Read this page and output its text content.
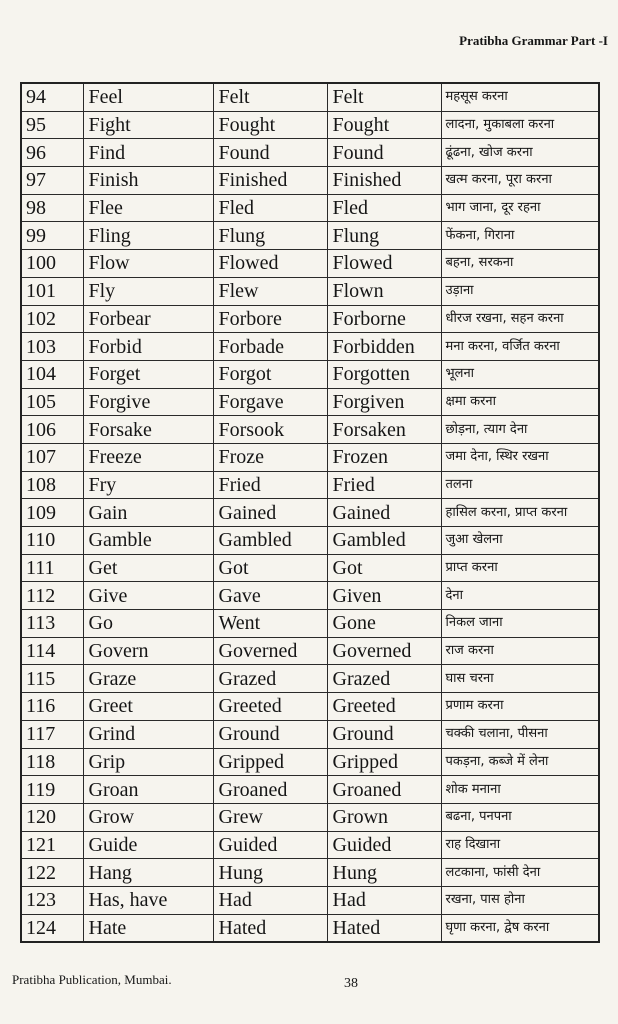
Pratibha Grammar Part -I
94	Feel	Felt	Felt	महसूस करना
95	Fight	Fought	Fought	लादना, मुकाबला करना
96	Find	Found	Found	ढूंढना, खोज करना
97	Finish	Finished	Finished	खत्म करना, पूरा करना
98	Flee	Fled	Fled	भाग जाना, दूर रहना
99	Fling	Flung	Flung	फेंकना, गिराना
100	Flow	Flowed	Flowed	बहना, सरकना
101	Fly	Flew	Flown	उड़ाना
102	Forbear	Forbore	Forborne	धीरज रखना, सहन करना
103	Forbid	Forbade	Forbidden	मना करना, वर्जित करना
104	Forget	Forgot	Forgotten	भूलना
105	Forgive	Forgave	Forgiven	क्षमा करना
106	Forsake	Forsook	Forsaken	छोड़ना, त्याग देना
107	Freeze	Froze	Frozen	जमा देना, स्थिर रखना
108	Fry	Fried	Fried	तलना
109	Gain	Gained	Gained	हासिल करना, प्राप्त करना
110	Gamble	Gambled	Gambled	जुआ खेलना
111	Get	Got	Got	प्राप्त करना
112	Give	Gave	Given	देना
113	Go	Went	Gone	निकल जाना
114	Govern	Governed	Governed	राज करना
115	Graze	Grazed	Grazed	घास चरना
116	Greet	Greeted	Greeted	प्रणाम करना
117	Grind	Ground	Ground	चक्की चलाना, पीसना
118	Grip	Gripped	Gripped	पकड़ना, कब्जे में लेना
119	Groan	Groaned	Groaned	शोक मनाना
120	Grow	Grew	Grown	बढना, पनपना
121	Guide	Guided	Guided	राह दिखाना
122	Hang	Hung	Hung	लटकाना, फांसी देना
123	Has, have	Had	Had	रखना, पास होना
124	Hate	Hated	Hated	घृणा करना, द्वेष करना
Pratibha Publication, Mumbai.	38
